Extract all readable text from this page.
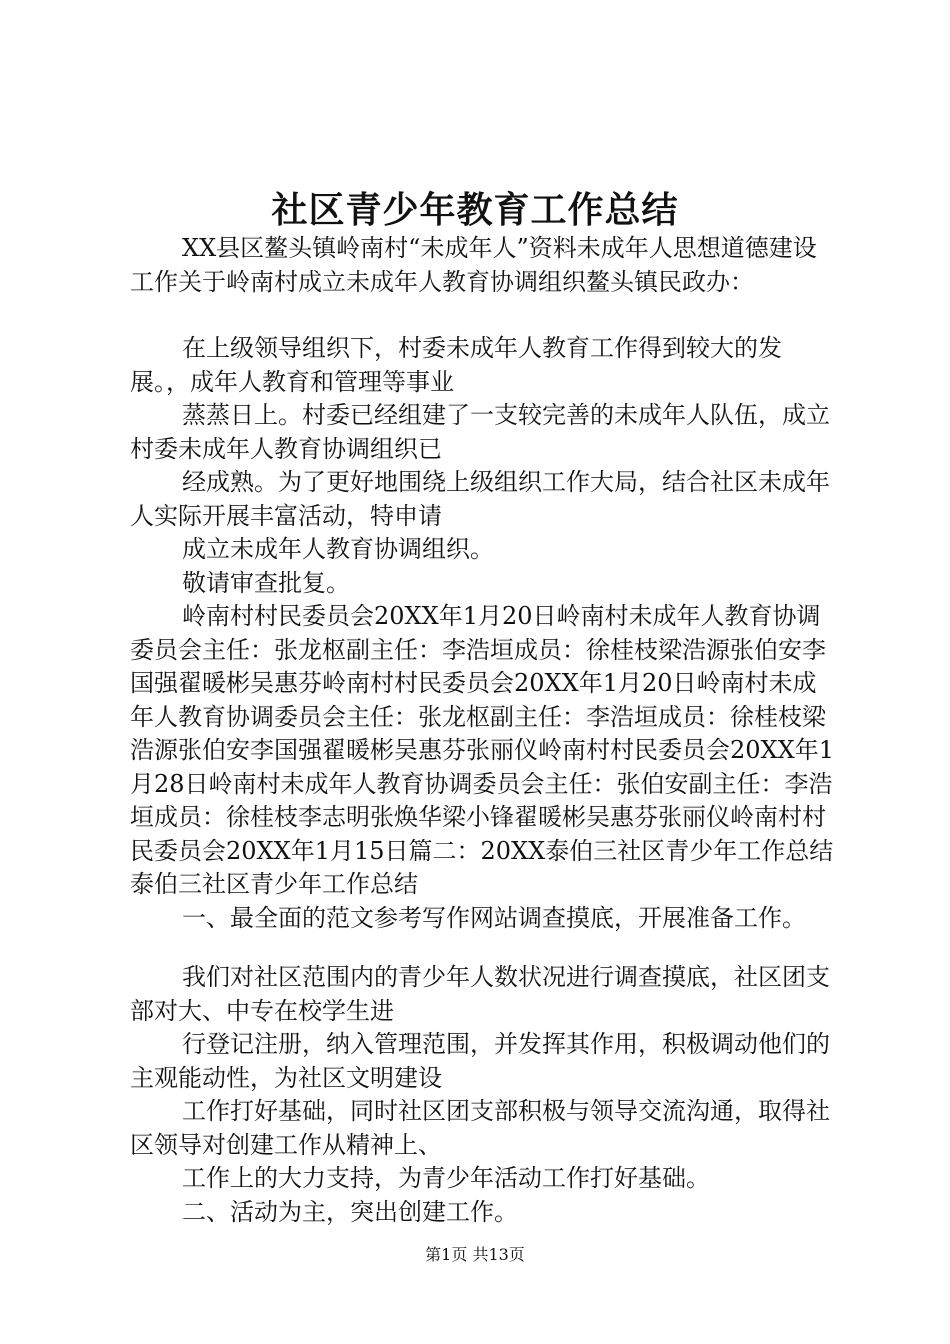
社区青少年教育工作总结

XX县区鳌头镇岭南村“未成年人”资料未成年人思想道德建设工作关于岭南村成立未成年人教育协调组织鳌头镇民政办：

在上级领导组织下，村委未成年人教育工作得到较大的发展。，成年人教育和管理等事业

蒸蒸日上。村委已经组建了一支较完善的未成年人队伍，成立村委未成年人教育协调组织已

经成熟。为了更好地围绕上级组织工作大局，结合社区未成年人实际开展丰富活动，特申请

成立未成年人教育协调组织。

敬请审查批复。

岭南村村民委员会20XX年1月20日岭南村未成年人教育协调委员会主任：张龙枢副主任：李浩垣成员：徐桂枝梁浩源张伯安李国强翟暖彬吴惠芬岭南村村民委员会20XX年1月20日岭南村未成年人教育协调委员会主任：张龙枢副主任：李浩垣成员：徐桂枝梁浩源张伯安李国强翟暖彬吴惠芬张丽仪岭南村村民委员会20XX年1月28日岭南村未成年人教育协调委员会主任：张伯安副主任：李浩垣成员：徐桂枝李志明张焕华梁小锋翟暖彬吴惠芬张丽仪岭南村村民委员会20XX年1月15日篇二：20XX泰伯三社区青少年工作总结泰伯三社区青少年工作总结

一、最全面的范文参考写作网站调查摸底，开展准备工作。

我们对社区范围内的青少年人数状况进行调查摸底，社区团支部对大、中专在校学生进

行登记注册，纳入管理范围，并发挥其作用，积极调动他们的主观能动性，为社区文明建设

工作打好基础，同时社区团支部积极与领导交流沟通，取得社区领导对创建工作从精神上、

工作上的大力支持，为青少年活动工作打好基础。

二、活动为主，突出创建工作。

第1页 共13页
